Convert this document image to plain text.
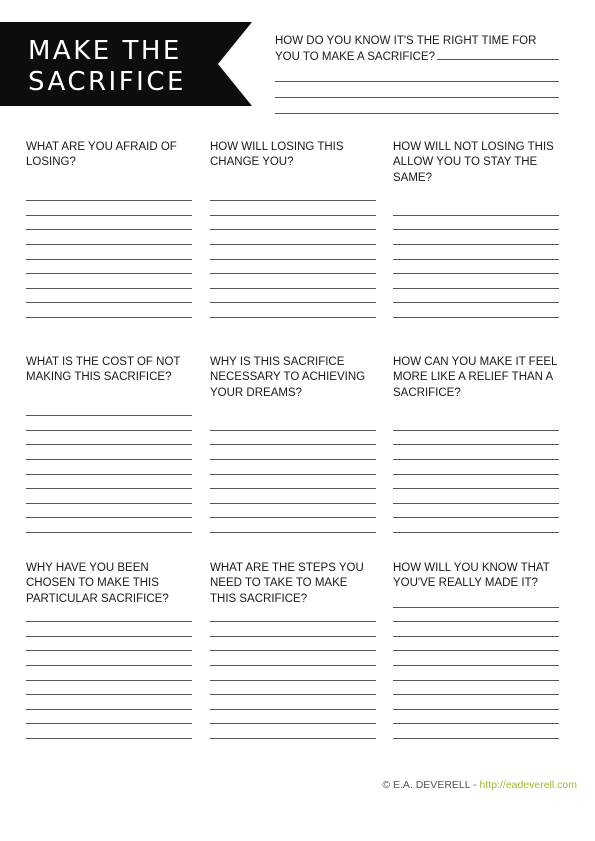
MAKE THE
SACRIFICE
HOW DO YOU KNOW IT'S THE RIGHT TIME FOR YOU TO MAKE A SACRIFICE?

WHAT ARE YOU AFRAID OF LOSING?

HOW WILL LOSING THIS CHANGE YOU?

HOW WILL NOT LOSING THIS ALLOW YOU TO STAY THE SAME?

WHAT IS THE COST OF NOT MAKING THIS SACRIFICE?

WHY IS THIS SACRIFICE NECESSARY TO ACHIEVING YOUR DREAMS?

HOW CAN YOU MAKE IT FEEL MORE LIKE A RELIEF THAN A SACRIFICE?

WHY HAVE YOU BEEN CHOSEN TO MAKE THIS PARTICULAR SACRIFICE?

WHAT ARE THE STEPS YOU NEED TO TAKE TO MAKE THIS SACRIFICE?

HOW WILL YOU KNOW THAT YOU'VE REALLY MADE IT?

© E.A. DEVERELL - http://eadeverell.com
